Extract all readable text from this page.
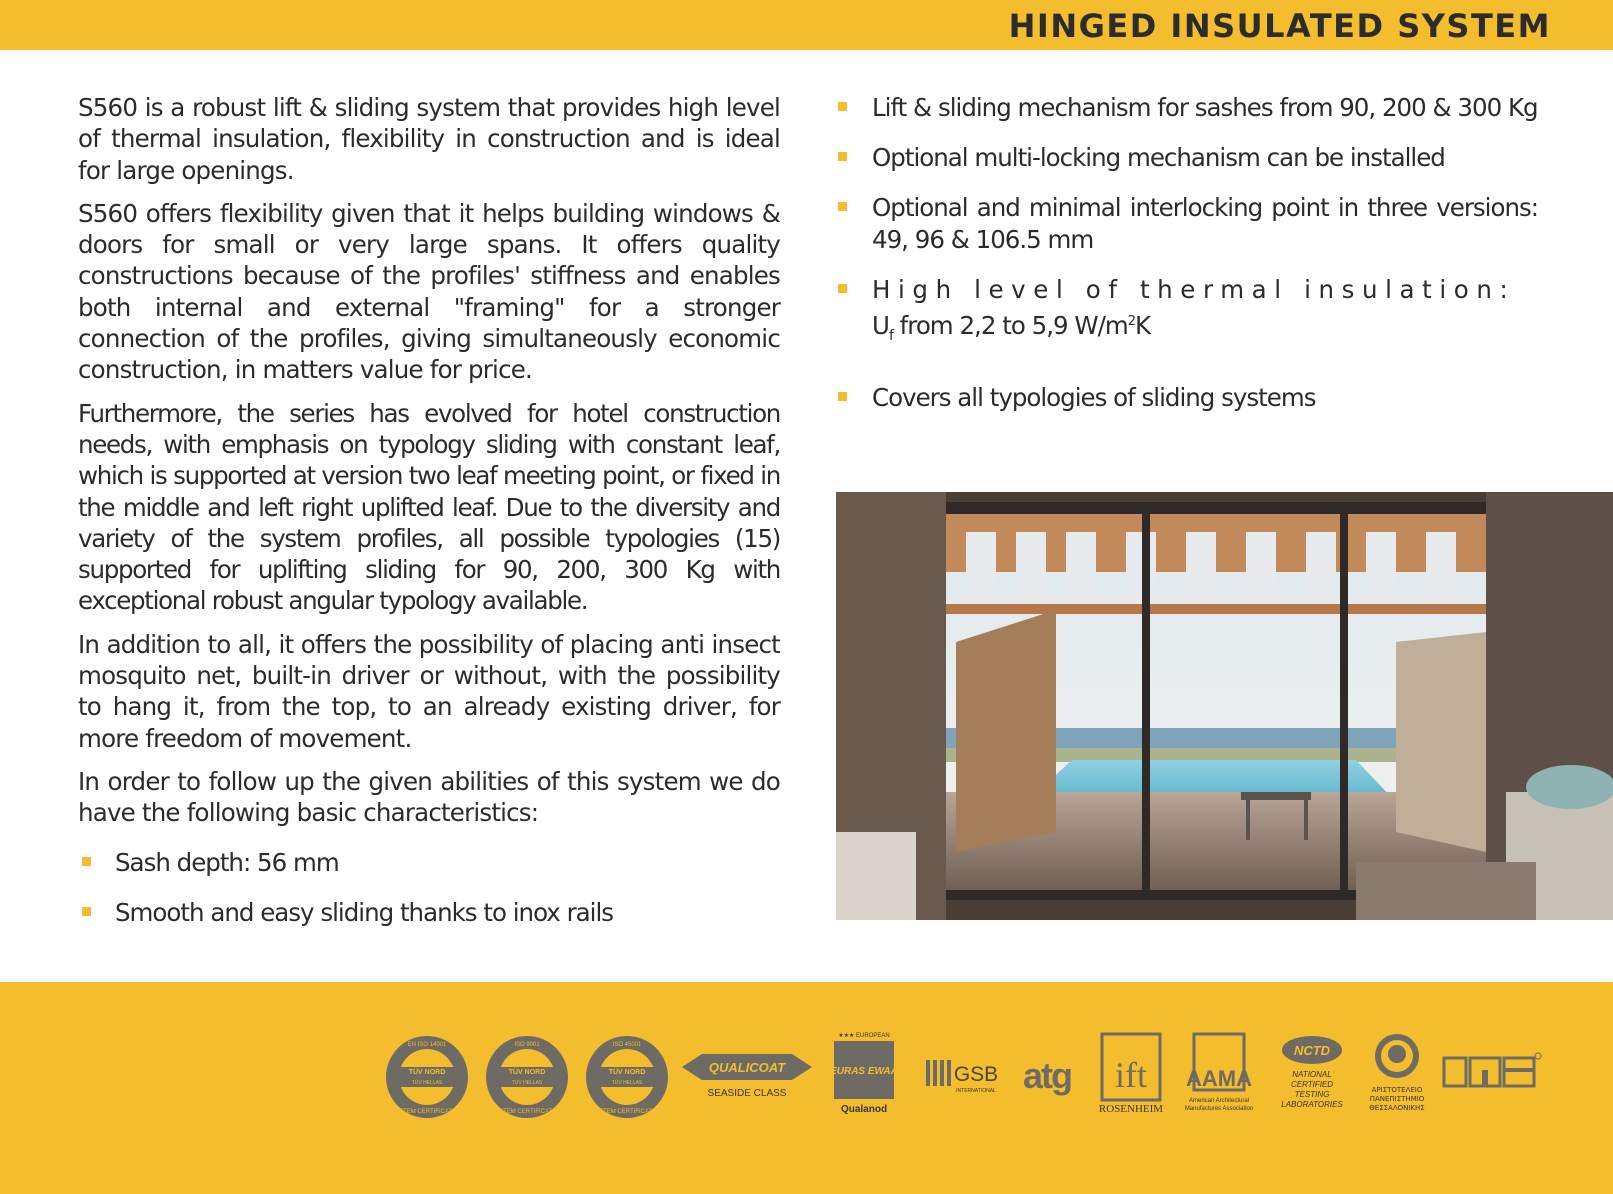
HINGED INSULATED SYSTEM

S560 is a robust lift & sliding system that provides high level of thermal insulation, flexibility in construction and is ideal for large openings.

S560 offers flexibility given that it helps building windows & doors for small or very large spans. It offers quality constructions because of the profiles' stiffness and enables both internal and external "framing" for a stronger connection of the profiles, giving simultaneously economic construction, in matters value for price.

Furthermore, the series has evolved for hotel construction needs, with emphasis on typology sliding with constant leaf, which is supported at version two leaf meeting point, or fixed in the middle and left right uplifted leaf. Due to the diversity and variety of the system profiles, all possible typologies (15) supported for uplifting sliding for 90, 200, 300 Kg with exceptional robust angular typology available.

In addition to all, it offers the possibility of placing anti insect mosquito net, built-in driver or without, with the possibility to hang it, from the top, to an already existing driver, for more freedom of movement.

In order to follow up the given abilities of this system we do have the following basic characteristics:

Sash depth: 56 mm
Smooth and easy sliding thanks to inox rails
Lift & sliding mechanism for sashes from 90, 200 & 300 Kg
Optional multi-locking mechanism can be installed
Optional and minimal interlocking point in three versions: 49, 96 & 106.5 mm
High level of thermal insulation:
$U_f$ from 2,2 to 5,9 $W/m^2K$
Covers all typologies of sliding systems
EN ISO 14001
TÜV NORD
TÜV HELLAS
SYSTEM CERTIFICATION
ISO 9001
TÜV NORD
TÜV HELLAS
SYSTEM CERTIFICATION
ISO 45001
TÜV NORD
TÜV HELLAS
SYSTEM CERTIFICATION
QUALICOAT
SEASIDE CLASS
★★★ EUROPEAN
EURAS EWAA
Qualanod
GSB
INTERNATIONAL atg ift
ROSENHEIM
AAMA
American Architectural
Manufactures Association
NCTD
NATIONAL
CERTIFIED
TESTING
LABORATORIES
ΑΡΙΣΤΟΤΕΛΕΙΟ
ΠΑΝΕΠΙΣΤΗΜΙΟ
ΘΕΣΣΑΛΟΝΙΚΗΣ
